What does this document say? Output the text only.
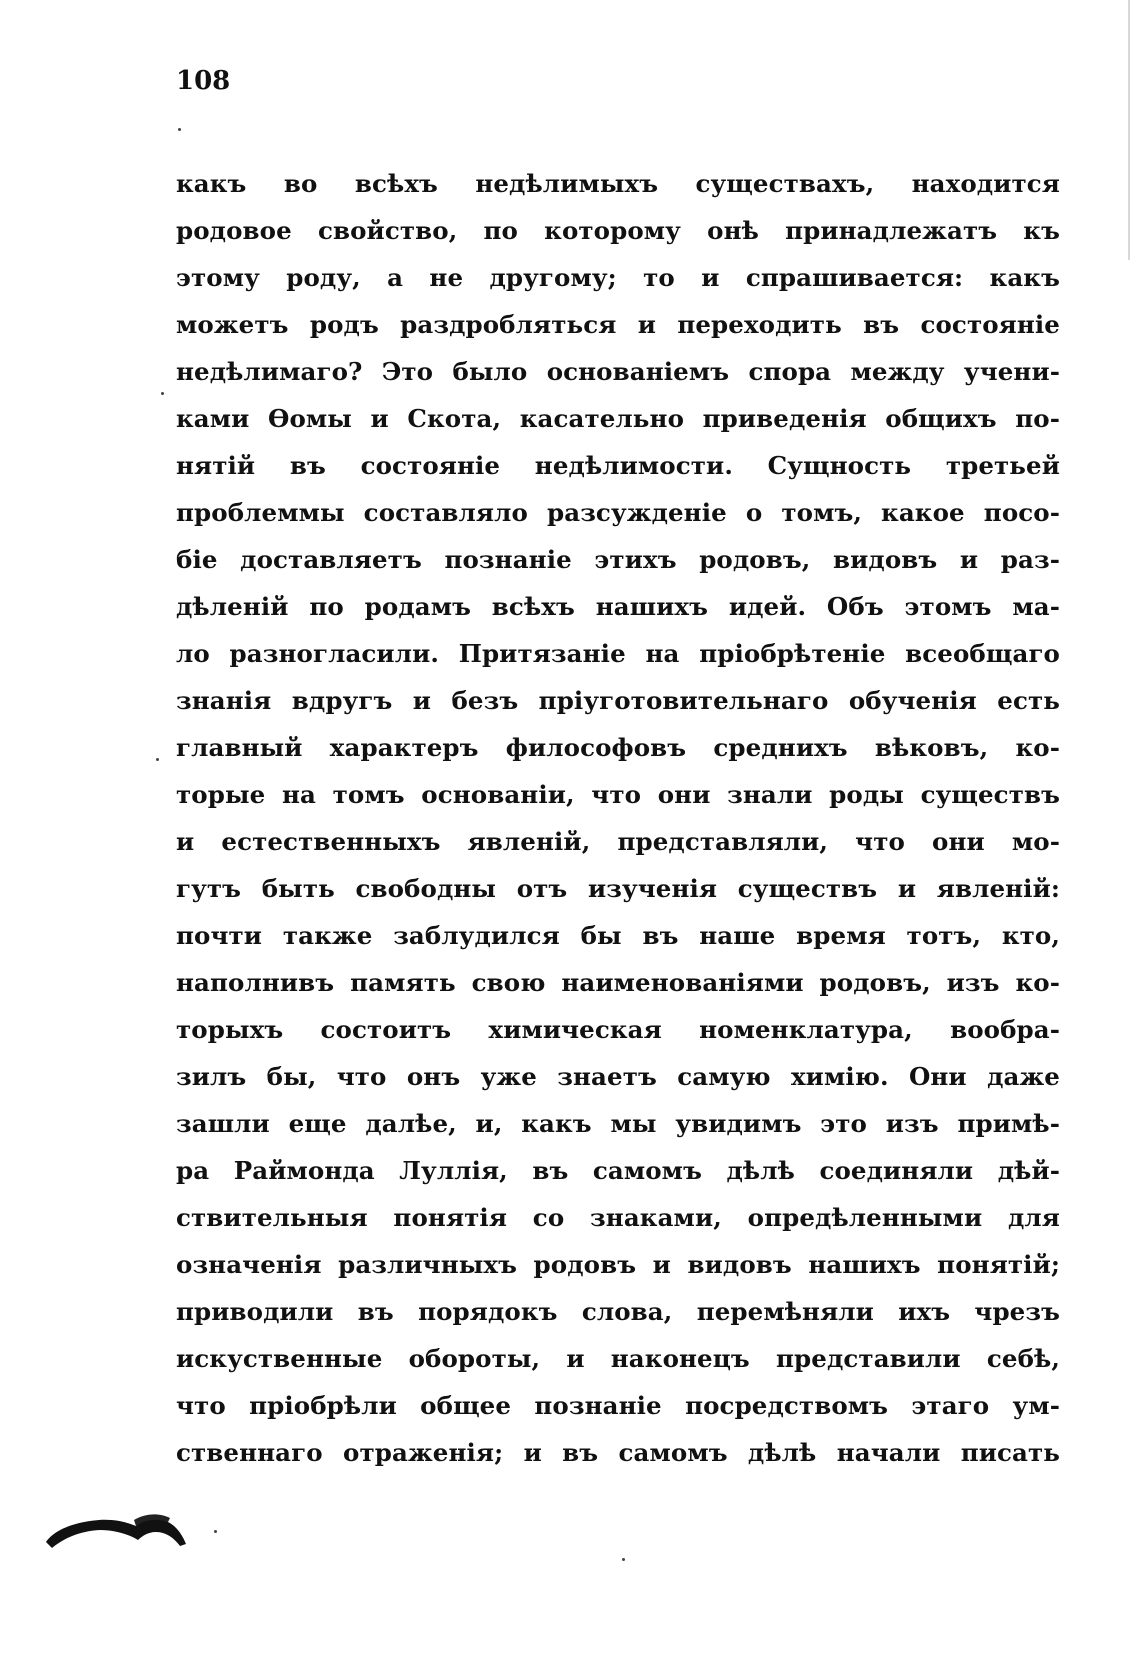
108
какъ во всѣхъ недѣлимыхъ существахъ, находится
родовое свойство, по которому онѣ принадлежатъ къ
этому роду, а не другому; то и спрашивается: какъ
можетъ родъ раздробляться и переходить въ состояніе
недѣлимаго? Это было основаніемъ спора между учени-
ками Ѳомы и Скота, касательно приведенія общихъ по-
нятій въ состояніе недѣлимости. Сущность третьей
проблеммы составляло разсужденіе о томъ, какое посо-
біе доставляетъ познаніе этихъ родовъ, видовъ и раз-
дѣленій по родамъ всѣхъ нашихъ идей. Объ этомъ ма-
ло разногласили. Притязаніе на пріобрѣтеніе всеобщаго
знанія вдругъ и безъ пріуготовительнаго обученія есть
главный характеръ философовъ среднихъ вѣковъ, ко-
торые на томъ основаніи, что они знали роды существъ
и естественныхъ явленій, представляли, что они мо-
гутъ быть свободны отъ изученія существъ и явленій:
почти также заблудился бы въ наше время тотъ, кто,
наполнивъ память свою наименованіями родовъ, изъ ко-
торыхъ состоитъ химическая номенклатура, вообра-
зилъ бы, что онъ уже знаетъ самую химію. Они даже
зашли еще далѣе, и, какъ мы увидимъ это изъ примѣ-
ра Раймонда Луллія, въ самомъ дѣлѣ соединяли дѣй-
ствительныя понятія со знаками, опредѣленными для
означенія различныхъ родовъ и видовъ нашихъ понятій;
приводили въ порядокъ слова, перемѣняли ихъ чрезъ
искуственные обороты, и наконецъ представили себѣ,
что пріобрѣли общее познаніе посредствомъ этаго ум-
ственнаго отраженія; и въ самомъ дѣлѣ начали писать
